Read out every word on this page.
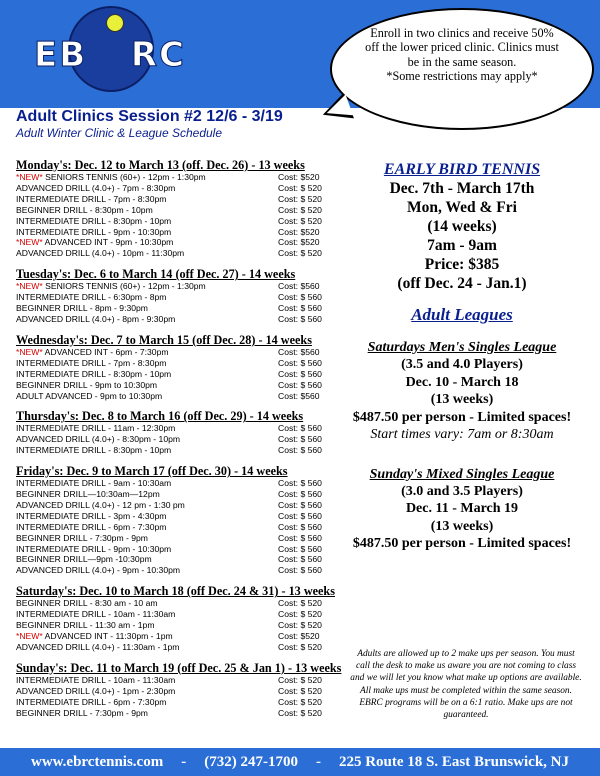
EB RC
Enroll in two clinics and receive 50% off the lower priced clinic. Clinics must be in the same season.
*Some restrictions may apply*
Adult Clinics Session #2 12/6 - 3/19
Adult Winter Clinic & League Schedule
Monday's: Dec. 12 to March 13 (off. Dec. 26) - 13 weeks
*NEW* SENIORS TENNIS (60+) - 12pm - 1:30pm	Cost: $520
ADVANCED DRILL (4.0+) - 7pm - 8:30pm	Cost: $ 520
INTERMEDIATE DRILL - 7pm - 8:30pm	Cost: $ 520
BEGINNER DRILL - 8:30pm - 10pm	Cost: $ 520
INTERMEDIATE DRILL - 8:30pm - 10pm	Cost: $ 520
INTERMEDIATE DRILL - 9pm - 10:30pm	Cost: $520
*NEW* ADVANCED INT - 9pm - 10:30pm	Cost: $520
ADVANCED DRILL (4.0+) - 10pm - 11:30pm	Cost: $ 520
Tuesday's: Dec. 6 to March 14 (off Dec. 27) - 14 weeks
*NEW* SENIORS TENNIS (60+) - 12pm - 1:30pm	Cost: $560
INTERMEDIATE DRILL - 6:30pm - 8pm	Cost: $ 560
BEGINNER DRILL - 8pm - 9:30pm	Cost: $ 560
ADVANCED DRILL (4.0+) - 8pm - 9:30pm	Cost: $ 560
Wednesday's: Dec. 7 to March 15 (off Dec. 28) - 14 weeks
*NEW* ADVANCED INT - 6pm - 7:30pm	Cost: $560
INTERMEDIATE DRILL - 7pm - 8:30pm	Cost: $ 560
INTERMEDIATE DRILL - 8:30pm - 10pm	Cost: $ 560
BEGINNER DRILL - 9pm to 10:30pm	Cost: $ 560
ADULT ADVANCED - 9pm to 10:30pm	Cost: $560
Thursday's: Dec. 8 to March 16 (off Dec. 29) - 14 weeks
INTERMEDIATE DRILL - 11am - 12:30pm	Cost: $ 560
ADVANCED DRILL (4.0+) - 8:30pm - 10pm	Cost: $ 560
INTERMEDIATE DRILL - 8:30pm - 10pm	Cost: $ 560
Friday's: Dec. 9 to March 17 (off Dec. 30) - 14 weeks
INTERMEDIATE DRILL - 9am - 10:30am	Cost: $ 560
BEGINNER DRILL—10:30am—12pm	Cost: $ 560
ADVANCED DRILL (4.0+) - 12 pm - 1:30 pm	Cost: $ 560
INTERMEDIATE DRILL - 3pm - 4:30pm	Cost: $ 560
INTERMEDIATE DRILL - 6pm - 7:30pm	Cost: $ 560
BEGINNER DRILL - 7:30pm - 9pm	Cost: $ 560
INTERMEDIATE DRILL - 9pm - 10:30pm	Cost: $ 560
BEGINNER DRILL—9pm -10:30pm	Cost: $ 560
ADVANCED DRILL (4.0+) - 9pm - 10:30pm	Cost: $ 560
Saturday's: Dec. 10 to March 18 (off Dec. 24 & 31) - 13 weeks
BEGINNER DRILL - 8:30 am - 10 am	Cost: $ 520
INTERMEDIATE DRILL - 10am - 11:30am	Cost: $ 520
BEGINNER DRILL - 11:30 am - 1pm	Cost: $ 520
*NEW* ADVANCED INT - 11:30pm - 1pm	Cost: $520
ADVANCED DRILL (4.0+) - 11:30am - 1pm	Cost: $ 520
Sunday's: Dec. 11 to March 19 (off Dec. 25 & Jan 1) - 13 weeks
INTERMEDIATE DRILL - 10am - 11:30am	Cost: $ 520
ADVANCED DRILL (4.0+) - 1pm - 2:30pm	Cost: $ 520
INTERMEDIATE DRILL - 6pm - 7:30pm	Cost: $ 520
BEGINNER DRILL - 7:30pm - 9pm	Cost: $ 520
EARLY BIRD TENNIS
Dec. 7th - March 17th
Mon, Wed & Fri
(14 weeks)
7am - 9am
Price: $385
(off Dec. 24 - Jan.1)
Adult Leagues
Saturdays Men's Singles League
(3.5 and 4.0 Players)
Dec. 10 - March 18
(13 weeks)
$487.50 per person - Limited spaces!
Start times vary: 7am or 8:30am
Sunday's Mixed Singles League
(3.0 and 3.5 Players)
Dec. 11 - March 19
(13 weeks)
$487.50 per person - Limited spaces!
Adults are allowed up to 2 make ups per season. You must call the desk to make us aware you are not coming to class and we will let you know what make up options are available. All make ups must be completed within the same season. EBRC programs will be on a 6:1 ratio. Make ups are not guaranteed.
www.ebrctennis.com - (732) 247-1700 - 225 Route 18 S. East Brunswick, NJ
